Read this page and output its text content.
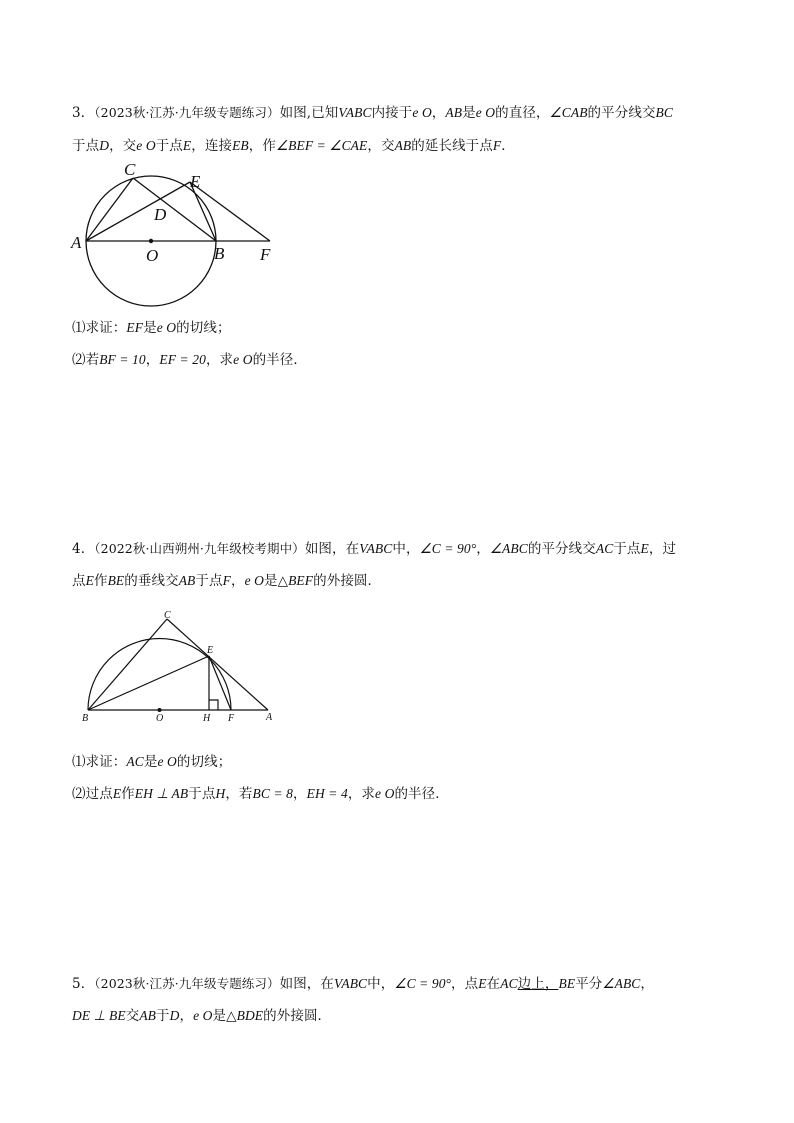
3．（2023秋·江苏·九年级专题练习）如图,已知VABC内接于e O，AB是e O的直径，∠CAB的平分线交BC
于点D，交e O于点E，连接EB，作∠BEF = ∠CAE，交AB的延长线于点F．
C
E
D
A
O	B F
⑴求证：EF是e O的切线；
⑵若BF = 10，EF = 20，求e O的半径．
4．（2022秋·山西朔州·九年级校考期中）如图，在VABC中，∠C = 90°，∠ABC的平分线交AC于点E，过
点E作BE的垂线交AB于点F，e O是△BEF的外接圆．
C
E
B	O	H F	A
⑴求证：AC是e O的切线；
⑵过点E作EH ⊥ AB于点H，若BC = 8，EH = 4，求e O的半径．
5．（2023秋·江苏·九年级专题练习）如图，在VABC中，∠C = 90°，点E在AC边上，BE平分∠ABC，
DE ⊥ BE交AB于D，e O是△BDE的外接圆．
